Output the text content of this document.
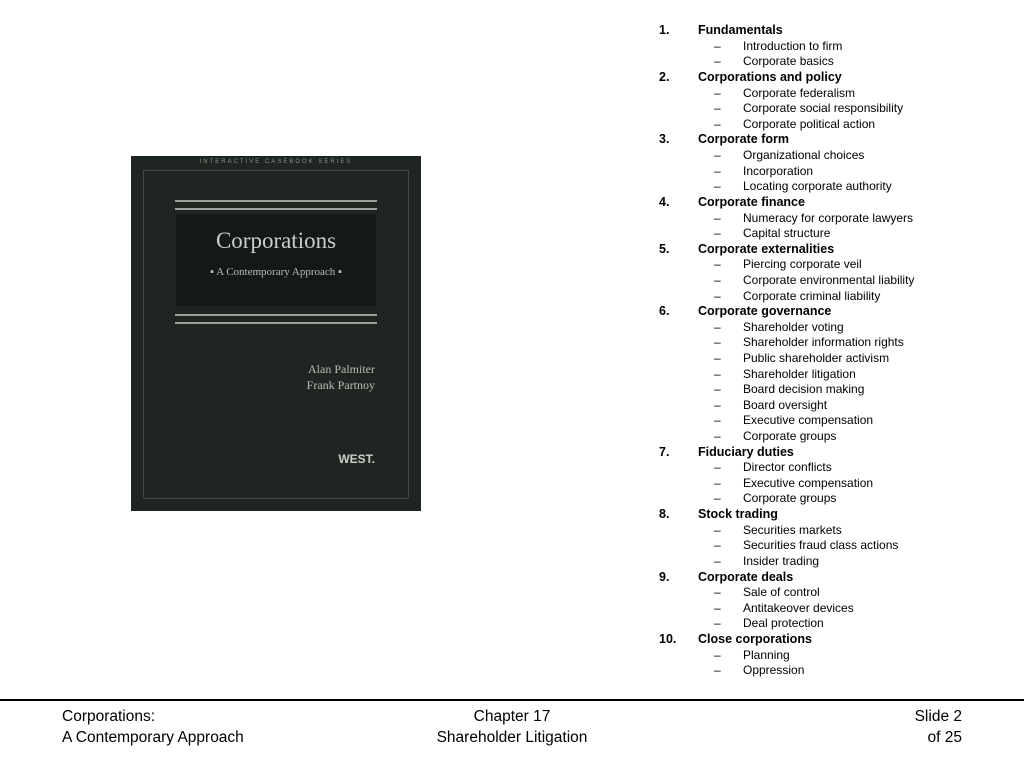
INTERACTIVE CASEBOOK SERIES
Corporations
▪ A Contemporary Approach ▪
Alan Palmiter
Frank Partnoy
WEST.
1. Fundamentals
– Introduction to firm
– Corporate basics
2. Corporations and policy
– Corporate federalism
– Corporate social responsibility
– Corporate political action
3. Corporate form
– Organizational choices
– Incorporation
– Locating corporate authority
4. Corporate finance
– Numeracy for corporate lawyers
– Capital structure
5. Corporate externalities
– Piercing corporate veil
– Corporate environmental liability
– Corporate criminal liability
6. Corporate governance
– Shareholder voting
– Shareholder information rights
– Public shareholder activism
– Shareholder litigation
– Board decision making
– Board oversight
– Executive compensation
– Corporate groups
7. Fiduciary duties
– Director conflicts
– Executive compensation
– Corporate groups
8. Stock trading
– Securities markets
– Securities fraud class actions
– Insider trading
9. Corporate deals
– Sale of control
– Antitakeover devices
– Deal protection
10. Close corporations
– Planning
– Oppression
Corporations:
A Contemporary Approach
Chapter 17
Shareholder Litigation
Slide 2
of 25
